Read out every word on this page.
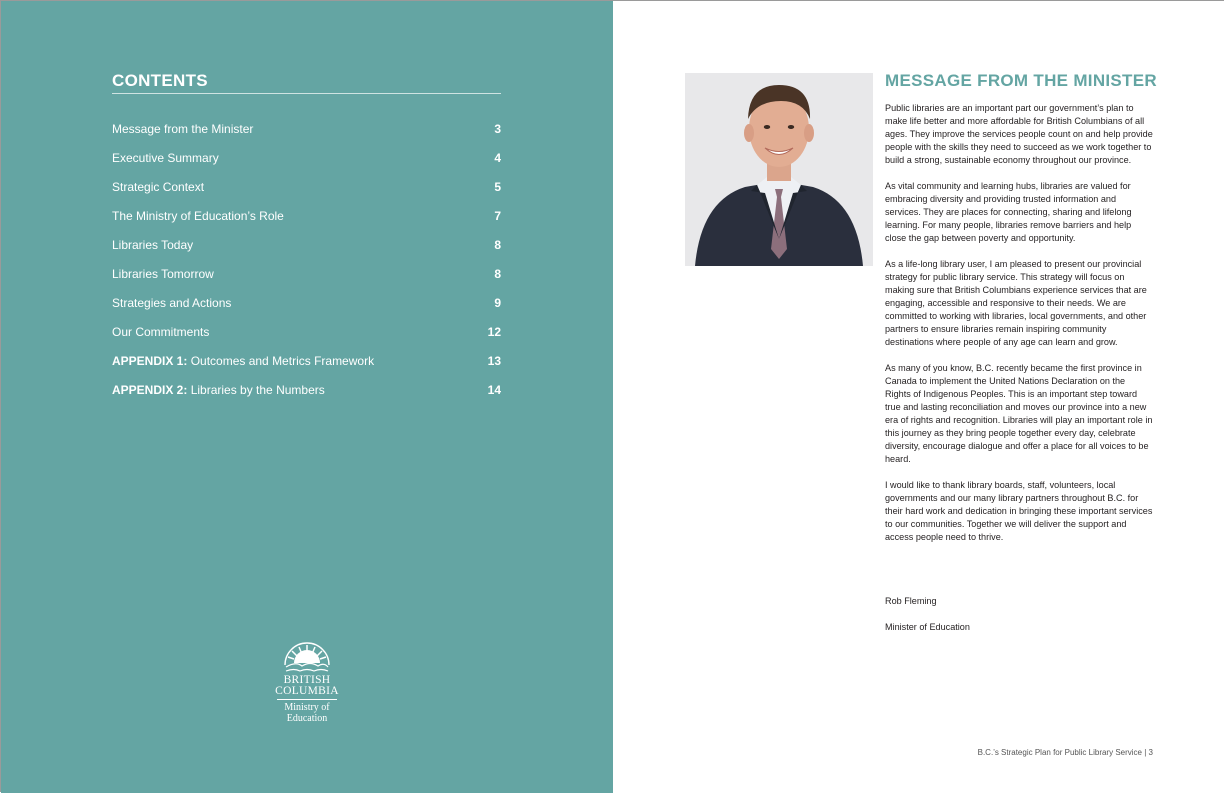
CONTENTS
Message from the Minister	3
Executive Summary	4
Strategic Context	5
The Ministry of Education’s Role	7
Libraries Today	8
Libraries Tomorrow	8
Strategies and Actions	9
Our Commitments	12
APPENDIX 1: Outcomes and Metrics Framework	13
APPENDIX 2: Libraries by the Numbers	14
BRITISH
COLUMBIA
Ministry of
Education
MESSAGE FROM THE MINISTER

Public libraries are an important part our government’s plan to make life better and more affordable for British Columbians of all ages. They improve the services people count on and help provide people with the skills they need to succeed as we work together to build a strong, sustainable economy throughout our province.

As vital community and learning hubs, libraries are valued for embracing diversity and providing trusted information and services. They are places for connecting, sharing and lifelong learning. For many people, libraries remove barriers and help close the gap between poverty and opportunity.

As a life-long library user, I am pleased to present our provincial strategy for public library service. This strategy will focus on making sure that British Columbians experience services that are engaging, accessible and responsive to their needs. We are committed to working with libraries, local governments, and other partners to ensure libraries remain inspiring community destinations where people of any age can learn and grow.

As many of you know, B.C. recently became the first province in Canada to implement the United Nations Declaration on the Rights of Indigenous Peoples. This is an important step toward true and lasting reconciliation and moves our province into a new era of rights and recognition. Libraries will play an important role in this journey as they bring people together every day, celebrate diversity, encourage dialogue and offer a place for all voices to be heard.

I would like to thank library boards, staff, volunteers, local governments and our many library partners throughout B.C. for their hard work and dedication in bringing these important services to our communities. Together we will deliver the support and access people need to thrive.

Rob Fleming
Minister of Education
B.C.’s Strategic Plan for Public Library Service | 3
